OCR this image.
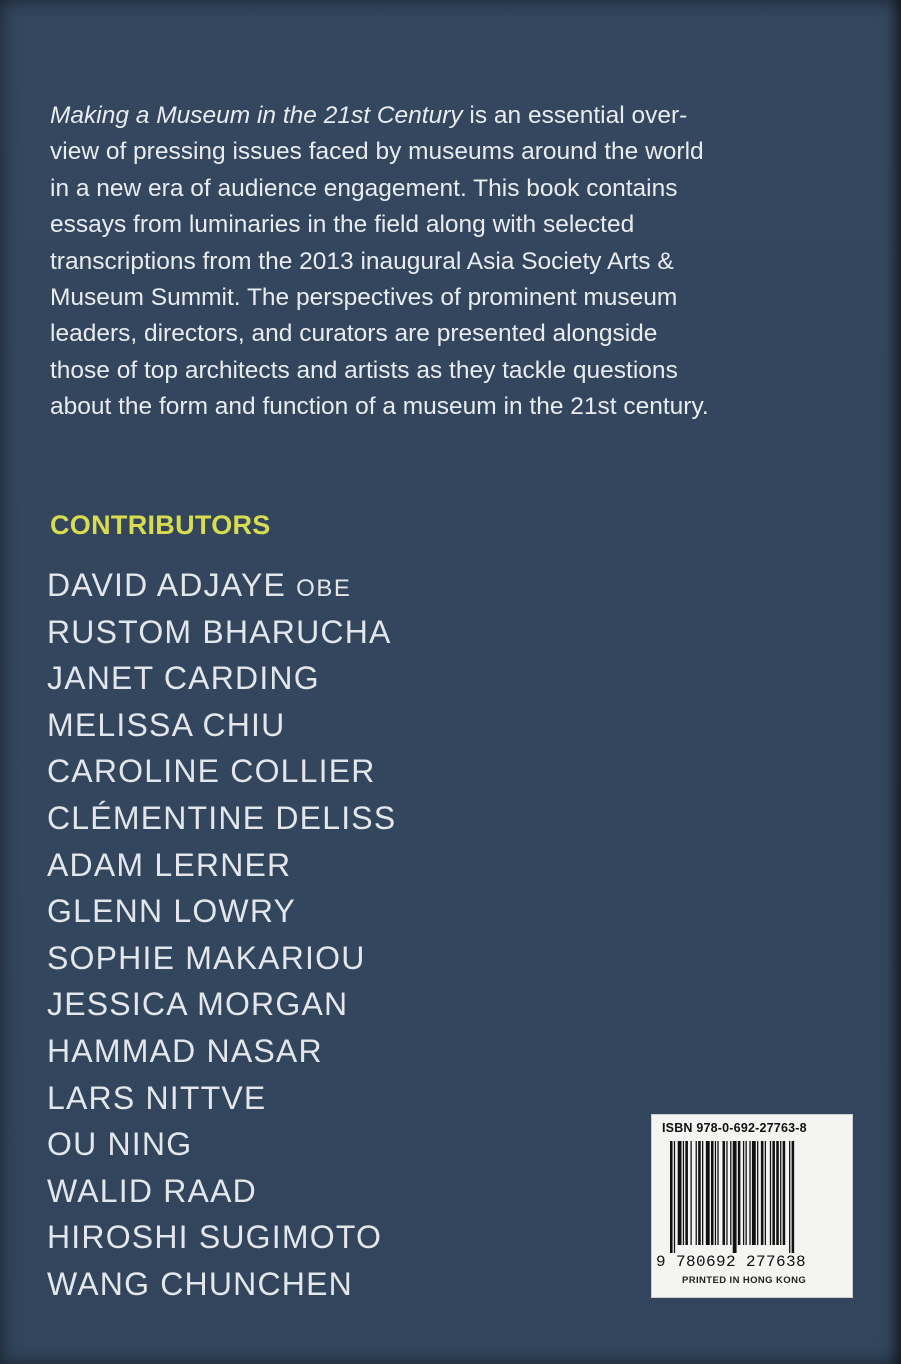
Making a Museum in the 21st Century is an essential over-
view of pressing issues faced by museums around the world
in a new era of audience engagement. This book contains
essays from luminaries in the field along with selected
transcriptions from the 2013 inaugural Asia Society Arts &
Museum Summit. The perspectives of prominent museum
leaders, directors, and curators are presented alongside
those of top architects and artists as they tackle questions
about the form and function of a museum in the 21st century.

CONTRIBUTORS
DAVID ADJAYE OBE
RUSTOM BHARUCHA
JANET CARDING
MELISSA CHIU
CAROLINE COLLIER
CLÉMENTINE DELISS
ADAM LERNER
GLENN LOWRY
SOPHIE MAKARIOU
JESSICA MORGAN
HAMMAD NASAR
LARS NITTVE
OU NING
WALID RAAD
HIROSHI SUGIMOTO
WANG CHUNCHEN
ISBN 978-0-692-27763-8
9 780692 277638
PRINTED IN HONG KONG
